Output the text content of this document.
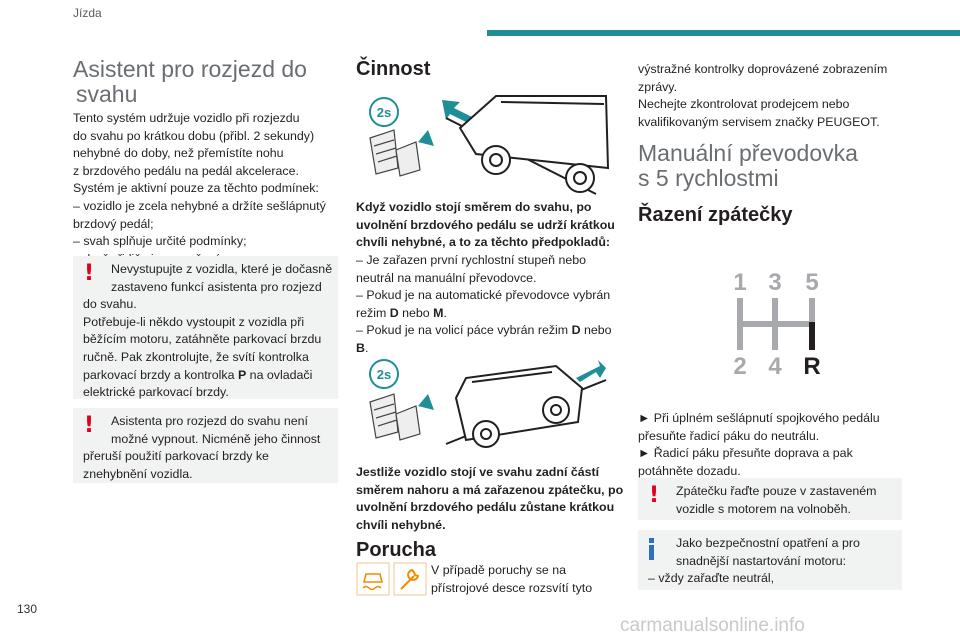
Jízda
130
carmanualsonline.info
Asistent pro rozjezd do
svahu

Tento systém udržuje vozidlo při rozjezdu

do svahu po krátkou dobu (přibl. 2 sekundy)

nehybné do doby, než přemístíte nohu

z brzdového pedálu na pedál akcelerace.

Systém je aktivní pouze za těchto podmínek:

– vozidlo je zcela nehybné a držíte sešlápnutý

brzdový pedál;

– svah splňuje určité podmínky;

!	Nevystupujte z vozidla, které je dočasně
zastaveno funkcí asistenta pro rozjezd
do svahu.
Potřebuje-li někdo vystoupit z vozidla při
běžícím motoru, zatáhněte parkovací brzdu
ručně. Pak zkontrolujte, že svítí kontrolka
parkovací brzdy a kontrolka P na ovladači
elektrické parkovací brzdy.
!	Asistenta pro rozjezd do svahu není
možné vypnout. Nicméně jeho činnost
přeruší použití parkovací brzdy ke
znehybnění vozidla.
Činnost
2s

Když vozidlo stojí směrem do svahu, po

uvolnění brzdového pedálu se udrží krátkou

chvíli nehybné, a to za těchto předpokladů:

– Je zařazen první rychlostní stupeň nebo

neutrál na manuální převodovce.

– Pokud je na automatické převodovce vybrán

režim D nebo M.

– Pokud je na volicí páce vybrán režim D nebo

B.

2s

Jestliže vozidlo stojí ve svahu zadní částí

směrem nahoru a má zařazenou zpátečku, po

uvolnění brzdového pedálu zůstane krátkou

chvíli nehybné.

Porucha

V případě poruchy se na

přístrojové desce rozsvítí tyto

výstražné kontrolky doprovázené zobrazením

zprávy.

Nechejte zkontrolovat prodejcem nebo

kvalifikovaným servisem značky PEUGEOT.

Manuální převodovka
s 5 rychlostmi
Řazení zpátečky
1 3 5
2 4 R

► Při úplném sešlápnutí spojkového pedálu

přesuňte řadicí páku do neutrálu.

► Řadicí páku přesuňte doprava a pak

potáhněte dozadu.

!	Zpátečku řaďte pouze v zastaveném
vozidle s motorem na volnoběh.
Jako bezpečnostní opatření a pro
snadnější nastartování motoru:
– vždy zařaďte neutrál,
